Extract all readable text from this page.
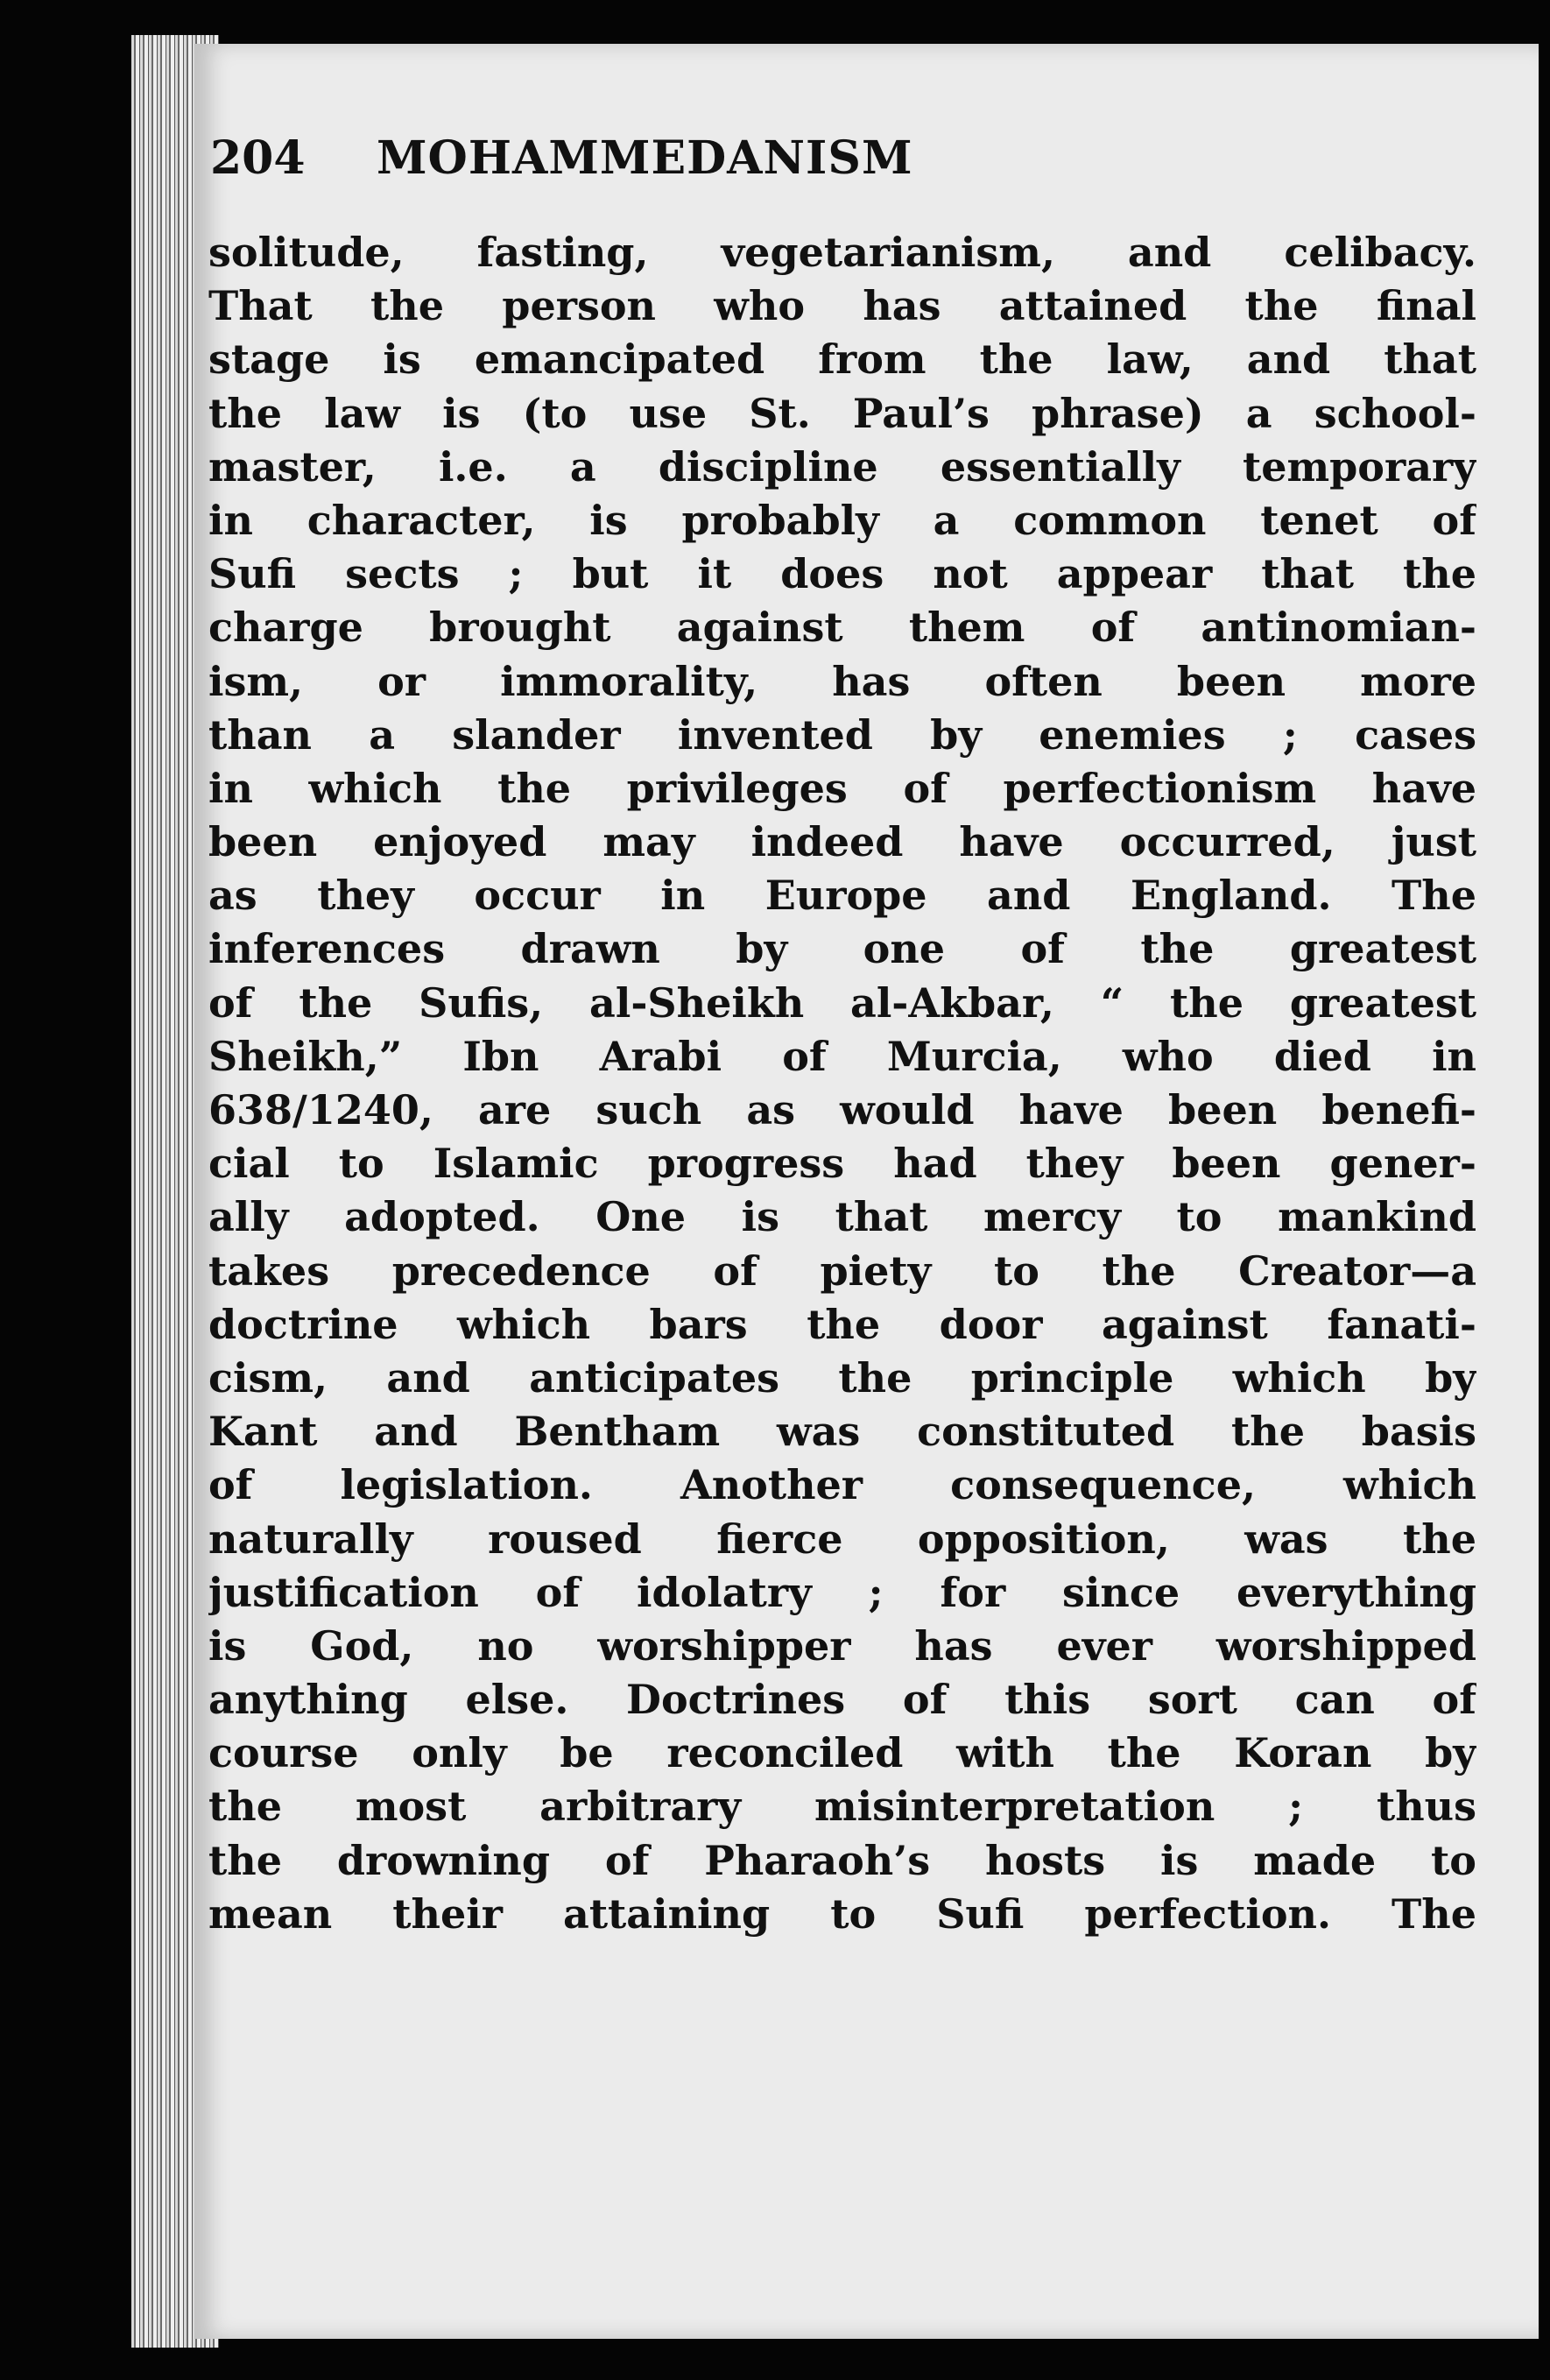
204 MOHAMMEDANISM
solitude, fasting, vegetarianism, and celibacy.
That the person who has attained the final
stage is emancipated from the law, and that
the law is (to use St. Paul’s phrase) a school-
master, i.e. a discipline essentially temporary
in character, is probably a common tenet of
Sufi sects ; but it does not appear that the
charge brought against them of antinomian-
ism, or immorality, has often been more
than a slander invented by enemies ; cases
in which the privileges of perfectionism have
been enjoyed may indeed have occurred, just
as they occur in Europe and England. The
inferences drawn by one of the greatest
of the Sufis, al-Sheikh al-Akbar, “ the greatest
Sheikh,” Ibn Arabi of Murcia, who died in
638/1240, are such as would have been benefi-
cial to Islamic progress had they been gener-
ally adopted. One is that mercy to mankind
takes precedence of piety to the Creator—a
doctrine which bars the door against fanati-
cism, and anticipates the principle which by
Kant and Bentham was constituted the basis
of legislation. Another consequence, which
naturally roused fierce opposition, was the
justification of idolatry ; for since everything
is God, no worshipper has ever worshipped
anything else. Doctrines of this sort can of
course only be reconciled with the Koran by
the most arbitrary misinterpretation ; thus
the drowning of Pharaoh’s hosts is made to
mean their attaining to Sufi perfection. The
